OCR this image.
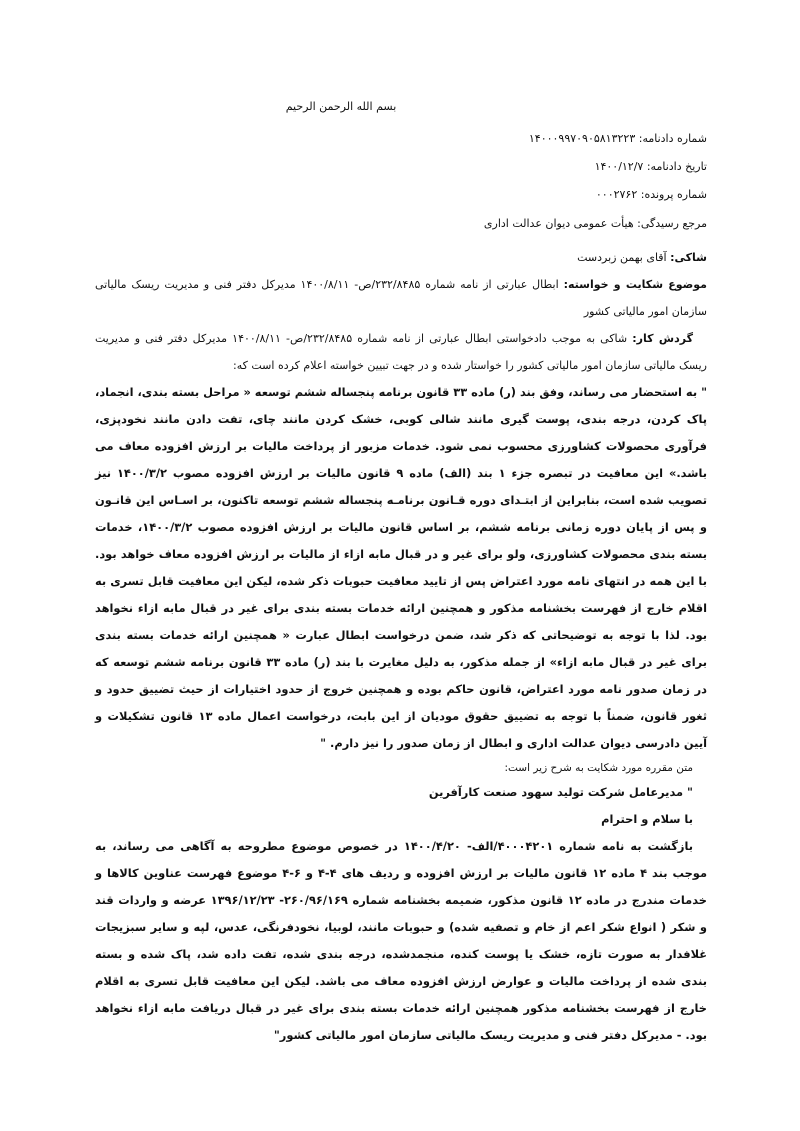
بسم الله الرحمن الرحیم
شماره دادنامه: ۱۴۰۰۰۹۹۷۰۹۰۵۸۱۳۲۲۳
تاریخ دادنامه: ۱۴۰۰/۱۲/۷
شماره پرونده: ۰۰۰۲۷۶۲
مرجع رسیدگی: هیأت عمومی دیوان عدالت اداری
شاکی: آقای بهمن زبردست
موضوع شکایت و خواسته: ابطال عبارتی از نامه شماره ۲۳۲/۸۴۸۵/ص- ۱۴۰۰/۸/۱۱ مدیرکل دفتر فنی و مدیریت ریسک مالیاتی سازمان امور مالیاتی کشور
گردش کار: شاکی به موجب دادخواستی ابطال عبارتی از نامه شماره ۲۳۲/۸۴۸۵/ص- ۱۴۰۰/۸/۱۱ مدیرکل دفتر فنی و مدیریت ریسک مالیاتی سازمان امور مالیاتی کشور را خواستار شده و در جهت تبیین خواسته اعلام کرده است که:
" به استحضار می رساند، وفق بند (ر) ماده ۳۳ قانون برنامه پنجساله ششم توسعه « مراحل بسته بندی، انجماد، پاک کردن، درجه بندی، پوست گیری مانند شالی کوبی، خشک کردن مانند چای، تفت دادن مانند نخودپزی، فرآوری محصولات کشاورزی محسوب نمی شود. خدمات مزبور از پرداخت مالیات بر ارزش افزوده معاف می باشد.» این معافیت در تبصره جزء ۱ بند (الف) ماده ۹ قانون مالیات بر ارزش افزوده مصوب ۱۴۰۰/۳/۲ نیز تصویب شده است، بنابراین از ابتـدای دوره قـانون برنامـه پنجساله ششم توسعه تاکنون، بر اسـاس این قانـون و پس از پایان دوره زمانی برنامه ششم، بر اساس قانون مالیات بر ارزش افزوده مصوب ۱۴۰۰/۳/۲، خدمات بسته بندی محصولات کشاورزی، ولو برای غیر و در قبال مابه ازاء از مالیات بر ارزش افزوده معاف خواهد بود. با این همه در انتهای نامه مورد اعتراض پس از تایید معافیت حبوبات ذکر شده، لیکن این معافیت قابل تسری به اقلام خارج از فهرست بخشنامه مذکور و همچنین ارائه خدمات بسته بندی برای غیر در قبال مابه ازاء نخواهد بود. لذا با توجه به توضیحاتی که ذکر شد، ضمن درخواست ابطال عبارت « همچنین ارائه خدمات بسته بندی برای غیر در قبال مابه ازاء» از جمله مذکور، به دلیل مغایرت با بند (ر) ماده ۳۳ قانون برنامه ششم توسعه که در زمان صدور نامه مورد اعتراض، قانون حاکم بوده و همچنین خروج از حدود اختیارات از حیث تضییق حدود و ثغور قانون، ضمناً با توجه به تضییق حقوق مودیان از این بابت، درخواست اعمال ماده ۱۳ قانون تشکیلات و آیین دادرسی دیوان عدالت اداری و ابطال از زمان صدور را نیز دارم. "
متن مقرره مورد شکایت به شرح زیر است:
" مدیرعامل شرکت تولید سهود صنعت کارآفرین
با سلام و احترام
بازگشت به نامه شماره ۴۰۰۰۴۲۰۱/الف- ۱۴۰۰/۴/۲۰ در خصوص موضوع مطروحه به آگاهی می رساند، به موجب بند ۴ ماده ۱۲ قانون مالیات بر ارزش افزوده و ردیف های ۴-۴ و ۶-۴ موضوع فهرست عناوین کالاها و خدمات مندرج در ماده ۱۲ قانون مذکور، ضمیمه بخشنامه شماره ۲۶۰/۹۶/۱۶۹- ۱۳۹۶/۱۲/۲۳ عرضه و واردات قند و شکر ( انواع شکر اعم از خام و تصفیه شده) و حبوبات مانند، لوبیا، نخودفرنگی، عدس، لپه و سایر سبزیجات غلافدار به صورت تازه، خشک یا پوست کنده، منجمدشده، درجه بندی شده، تفت داده شد، پاک شده و بسته بندی شده از پرداخت مالیات و عوارض ارزش افزوده معاف می باشد. لیکن این معافیت قابل تسری به اقلام خارج از فهرست بخشنامه مذکور همچنین ارائه خدمات بسته بندی برای غیر در قبال دریافت مابه ازاء نخواهد بود. - مدیرکل دفتر فنی و مدیریت ریسک مالیاتی سازمان امور مالیاتی کشور"
